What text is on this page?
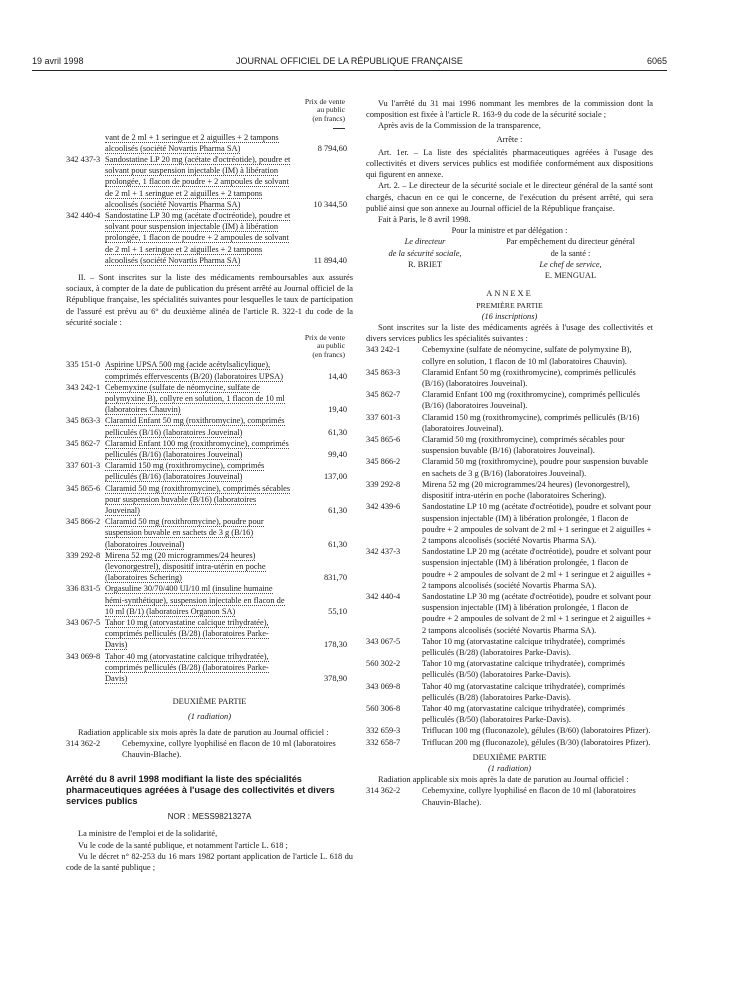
19 avril 1998	JOURNAL OFFICIEL DE LA RÉPUBLIQUE FRANÇAISE	6065
Prix de vente
au public
(en francs)
vant de 2 ml + 1 seringue et 2 aiguilles + 2 tampons alcoolisés (société Novartis Pharma SA)	8 794,60
342 437-3 Sandostatine LP 20 mg (acétate d'octréotide), poudre et solvant pour suspension injectable (IM) à libération prolongée, 1 flacon de poudre + 2 ampoules de solvant de 2 ml + 1 seringue et 2 aiguilles + 2 tampons alcoolisés (société Novartis Pharma SA)	10 344,50
342 440-4 Sandostatine LP 30 mg (acétate d'octréotide), poudre et solvant pour suspension injectable (IM) à libération prolongée, 1 flacon de poudre + 2 ampoules de solvant de 2 ml + 1 seringue et 2 aiguilles + 2 tampons alcoolisés (société Novartis Pharma SA)	11 894,40

II. – Sont inscrites sur la liste des médicaments remboursables aux assurés sociaux, à compter de la date de publication du présent arrêté au Journal officiel de la République française, les spécialités suivantes pour lesquelles le taux de participation de l'assuré est prévu au 6° du deuxième alinéa de l'article R. 322-1 du code de la sécurité sociale :

Prix de vente
au public
(en francs)
335 151-0 Aspirine UPSA 500 mg (acide acétylsalicylique), comprimés effervescents (B/20) (laboratoires UPSA)	14,40
343 242-1 Cebemyxine (sulfate de néomycine, sulfate de polymyxine B), collyre en solution, 1 flacon de 10 ml (laboratoires Chauvin)	19,40
345 863-3 Claramid Enfant 50 mg (roxithromycine), comprimés pelliculés (B/16) (laboratoires Jouveinal)	61,30
345 862-7 Claramid Enfant 100 mg (roxithromycine), comprimés pelliculés (B/16) (laboratoires Jouveinal)	99,40
337 601-3 Claramid 150 mg (roxithromycine), comprimés pelliculés (B/16) (laboratoires Jouveinal)	137,00
345 865-6 Claramid 50 mg (roxithromycine), comprimés sécables pour suspension buvable (B/16) (laboratoires Jouveinal)	61,30
345 866-2 Claramid 50 mg (roxithromycine), poudre pour suspension buvable en sachets de 3 g (B/16) (laboratoires Jouveinal)	61,30
339 292-8 Mirena 52 mg (20 microgrammes/24 heures) (levonorgestrel), dispositif intra-utérin en poche (laboratoires Schering)	831,70
336 831-5 Orgasuline 30/70/400 UI/10 ml (insuline humaine hémi-synthétique), suspension injectable en flacon de 10 ml (B/1) (laboratoires Organon SA)	55,10
343 067-5 Tahor 10 mg (atorvastatine calcique trihydratée), comprimés pelliculés (B/28) (laboratoires Parke-Davis)	178,30
343 069-8 Tahor 40 mg (atorvastatine calcique trihydratée), comprimés pelliculés (B/28) (laboratoires Parke-Davis)	378,90
DEUXIÈME PARTIE
(1 radiation)

Radiation applicable six mois après la date de parution au Journal officiel :

314 362-2	Cebemyxine, collyre lyophilisé en flacon de 10 ml (laboratoires Chauvin-Blache).
Arrêté du 8 avril 1998 modifiant la liste des spécialités pharmaceutiques agréées à l'usage des collectivités et divers services publics
NOR : MESS9821327A

La ministre de l'emploi et de la solidarité,

Vu le code de la santé publique, et notamment l'article L. 618 ;

Vu le décret n° 82-253 du 16 mars 1982 portant application de l'article L. 618 du code de la santé publique ;

Vu l'arrêté du 31 mai 1996 nommant les membres de la commission dont la composition est fixée à l'article R. 163-9 du code de la sécurité sociale ;

Après avis de la Commission de la transparence,

Arrête :

Art. 1er. – La liste des spécialités pharmaceutiques agréées à l'usage des collectivités et divers services publics est modifiée conformément aux dispositions qui figurent en annexe.

Art. 2. – Le directeur de la sécurité sociale et le directeur général de la santé sont chargés, chacun en ce qui le concerne, de l'exécution du présent arrêté, qui sera publié ainsi que son annexe au Journal officiel de la République française.

Fait à Paris, le 8 avril 1998.

Pour la ministre et par délégation :
Le directeur
de la sécurité sociale,
R. BRIET
Par empêchement du directeur général
de la santé :
Le chef de service,
E. MENGUAL
ANNEXE
PREMIÈRE PARTIE
(16 inscriptions)

Sont inscrites sur la liste des médicaments agréés à l'usage des collectivités et divers services publics les spécialités suivantes :

343 242-1	Cebemyxine (sulfate de néomycine, sulfate de polymyxine B), collyre en solution, 1 flacon de 10 ml (laboratoires Chauvin).
345 863-3	Claramid Enfant 50 mg (roxithromycine), comprimés pelliculés (B/16) (laboratoires Jouveinal).
345 862-7	Claramid Enfant 100 mg (roxithromycine), comprimés pelliculés (B/16) (laboratoires Jouveinal).
337 601-3	Claramid 150 mg (roxithromycine), comprimés pelliculés (B/16) (laboratoires Jouveinal).
345 865-6	Claramid 50 mg (roxithromycine), comprimés sécables pour suspension buvable (B/16) (laboratoires Jouveinal).
345 866-2	Claramid 50 mg (roxithromycine), poudre pour suspension buvable en sachets de 3 g (B/16) (laboratoires Jouveinal).
339 292-8	Mirena 52 mg (20 microgrammes/24 heures) (levonorgestrel), dispositif intra-utérin en poche (laboratoires Schering).
342 439-6	Sandostatine LP 10 mg (acétate d'octréotide), poudre et solvant pour suspension injectable (IM) à libération prolongée, 1 flacon de poudre + 2 ampoules de solvant de 2 ml + 1 seringue et 2 aiguilles + 2 tampons alcoolisés (société Novartis Pharma SA).
342 437-3	Sandostatine LP 20 mg (acétate d'octréotide), poudre et solvant pour suspension injectable (IM) à libération prolongée, 1 flacon de poudre + 2 ampoules de solvant de 2 ml + 1 seringue et 2 aiguilles + 2 tampons alcoolisés (société Novartis Pharma SA).
342 440-4	Sandostatine LP 30 mg (acétate d'octréotide), poudre et solvant pour suspension injectable (IM) à libération prolongée, 1 flacon de poudre + 2 ampoules de solvant de 2 ml + 1 seringue et 2 aiguilles + 2 tampons alcoolisés (société Novartis Pharma SA).
343 067-5	Tahor 10 mg (atorvastatine calcique trihydratée), comprimés pelliculés (B/28) (laboratoires Parke-Davis).
560 302-2	Tahor 10 mg (atorvastatine calcique trihydratée), comprimés pelliculés (B/50) (laboratoires Parke-Davis).
343 069-8	Tahor 40 mg (atorvastatine calcique trihydratée), comprimés pelliculés (B/28) (laboratoires Parke-Davis).
560 306-8	Tahor 40 mg (atorvastatine calcique trihydratée), comprimés pelliculés (B/50) (laboratoires Parke-Davis).
332 659-3	Triflucan 100 mg (fluconazole), gélules (B/60) (laboratoires Pfizer).
332 658-7	Triflucan 200 mg (fluconazole), gélules (B/30) (laboratoires Pfizer).
DEUXIÈME PARTIE
(1 radiation)

Radiation applicable six mois après la date de parution au Journal officiel :

314 362-2	Cebemyxine, collyre lyophilisé en flacon de 10 ml (laboratoires Chauvin-Blache).
